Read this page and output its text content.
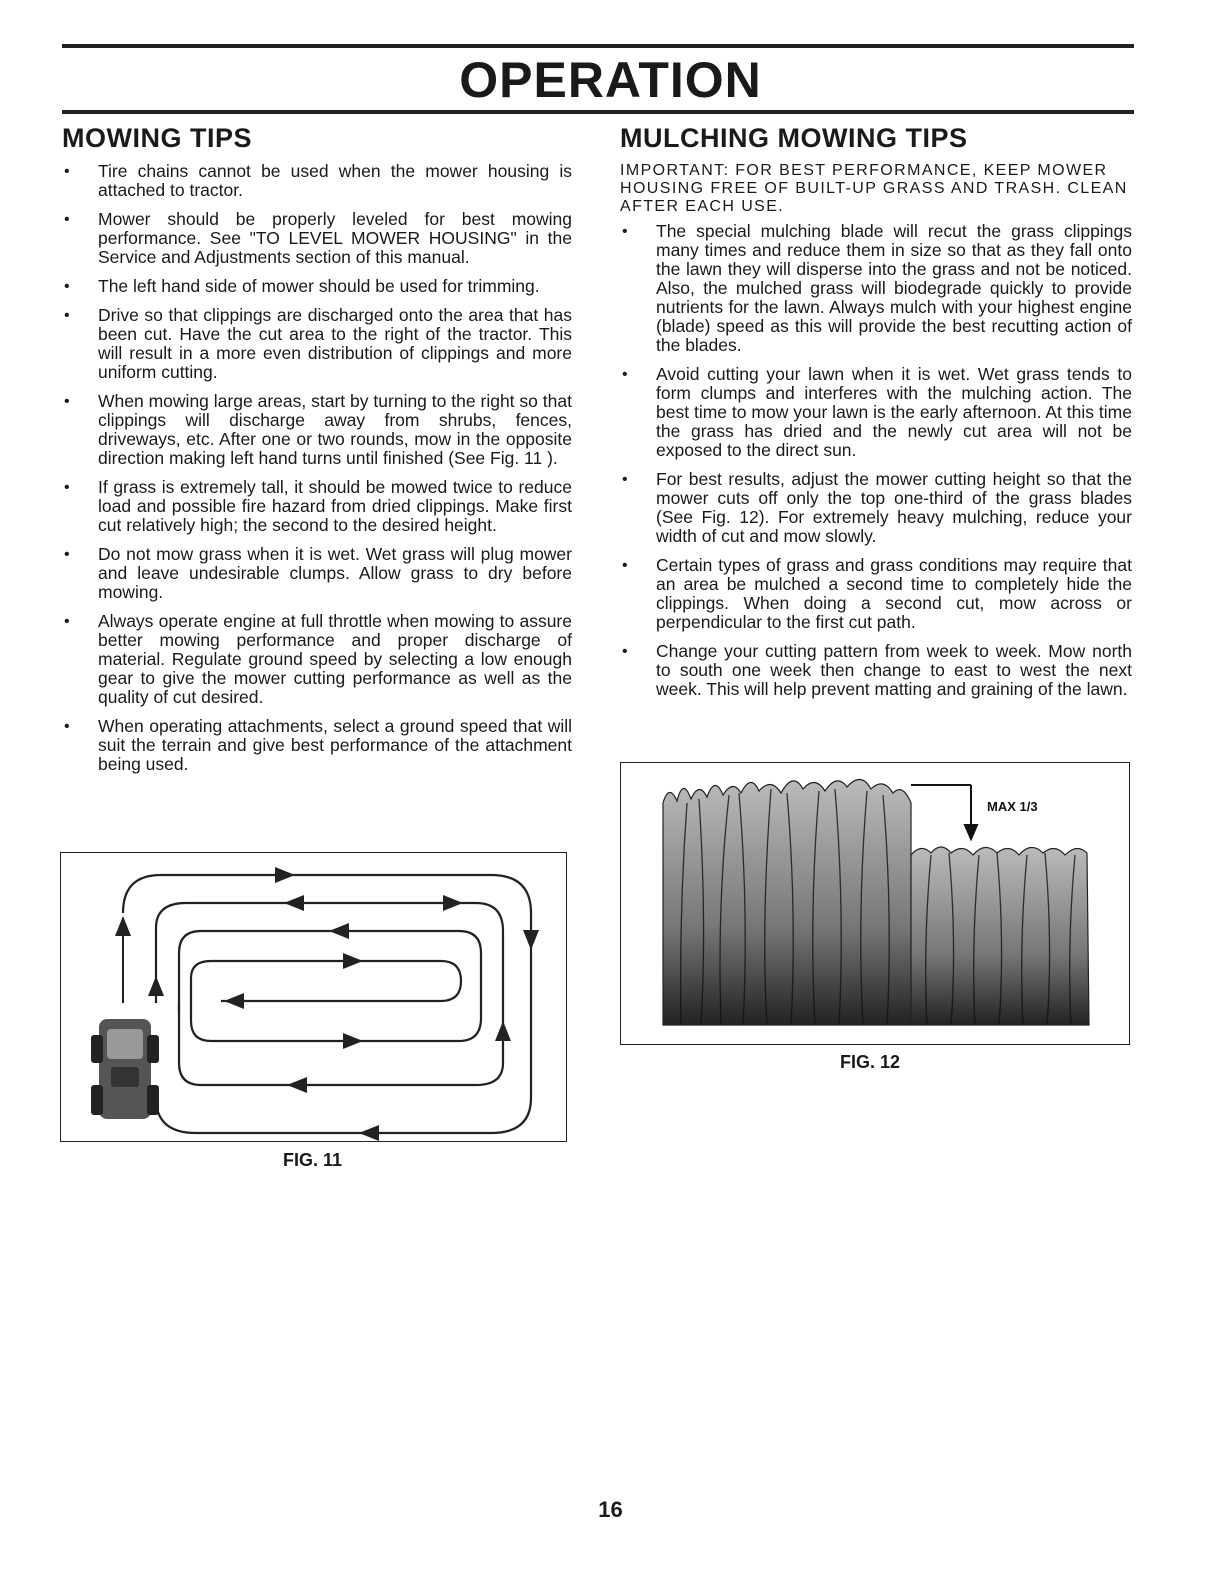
OPERATION
MOWING TIPS
• Tire chains cannot be used when the mower housing is attached to tractor.
• Mower should be properly leveled for best mowing performance. See "TO LEVEL MOWER HOUSING" in the Service and Adjustments section of this manual.
• The left hand side of mower should be used for trimming.
• Drive so that clippings are discharged onto the area that has been cut. Have the cut area to the right of the tractor. This will result in a more even distribution of clippings and more uniform cutting.
• When mowing large areas, start by turning to the right so that clippings will discharge away from shrubs, fences, driveways, etc. After one or two rounds, mow in the opposite direction making left hand turns until finished (See Fig. 11 ).
• If grass is extremely tall, it should be mowed twice to reduce load and possible fire hazard from dried clippings. Make first cut relatively high; the second to the desired height.
• Do not mow grass when it is wet. Wet grass will plug mower and leave undesirable clumps. Allow grass to dry before mowing.
• Always operate engine at full throttle when mowing to assure better mowing performance and proper discharge of material. Regulate ground speed by selecting a low enough gear to give the mower cutting performance as well as the quality of cut desired.
• When operating attachments, select a ground speed that will suit the terrain and give best performance of the attachment being used.
MULCHING MOWING TIPS

IMPORTANT: FOR BEST PERFORMANCE, KEEP MOWER HOUSING FREE OF BUILT-UP GRASS AND TRASH. CLEAN AFTER EACH USE.

• The special mulching blade will recut the grass clippings many times and reduce them in size so that as they fall onto the lawn they will disperse into the grass and not be noticed. Also, the mulched grass will biodegrade quickly to provide nutrients for the lawn. Always mulch with your highest engine (blade) speed as this will provide the best recutting action of the blades.
• Avoid cutting your lawn when it is wet. Wet grass tends to form clumps and interferes with the mulching action. The best time to mow your lawn is the early afternoon. At this time the grass has dried and the newly cut area will not be exposed to the direct sun.
• For best results, adjust the mower cutting height so that the mower cuts off only the top one-third of the grass blades (See Fig. 12). For extremely heavy mulching, reduce your width of cut and mow slowly.
• Certain types of grass and grass conditions may require that an area be mulched a second time to completely hide the clippings. When doing a second cut, mow across or perpendicular to the first cut path.
• Change your cutting pattern from week to week. Mow north to south one week then change to east to west the next week. This will help prevent matting and graining of the lawn.
FIG. 11
MAX 1/3
FIG. 12
16
